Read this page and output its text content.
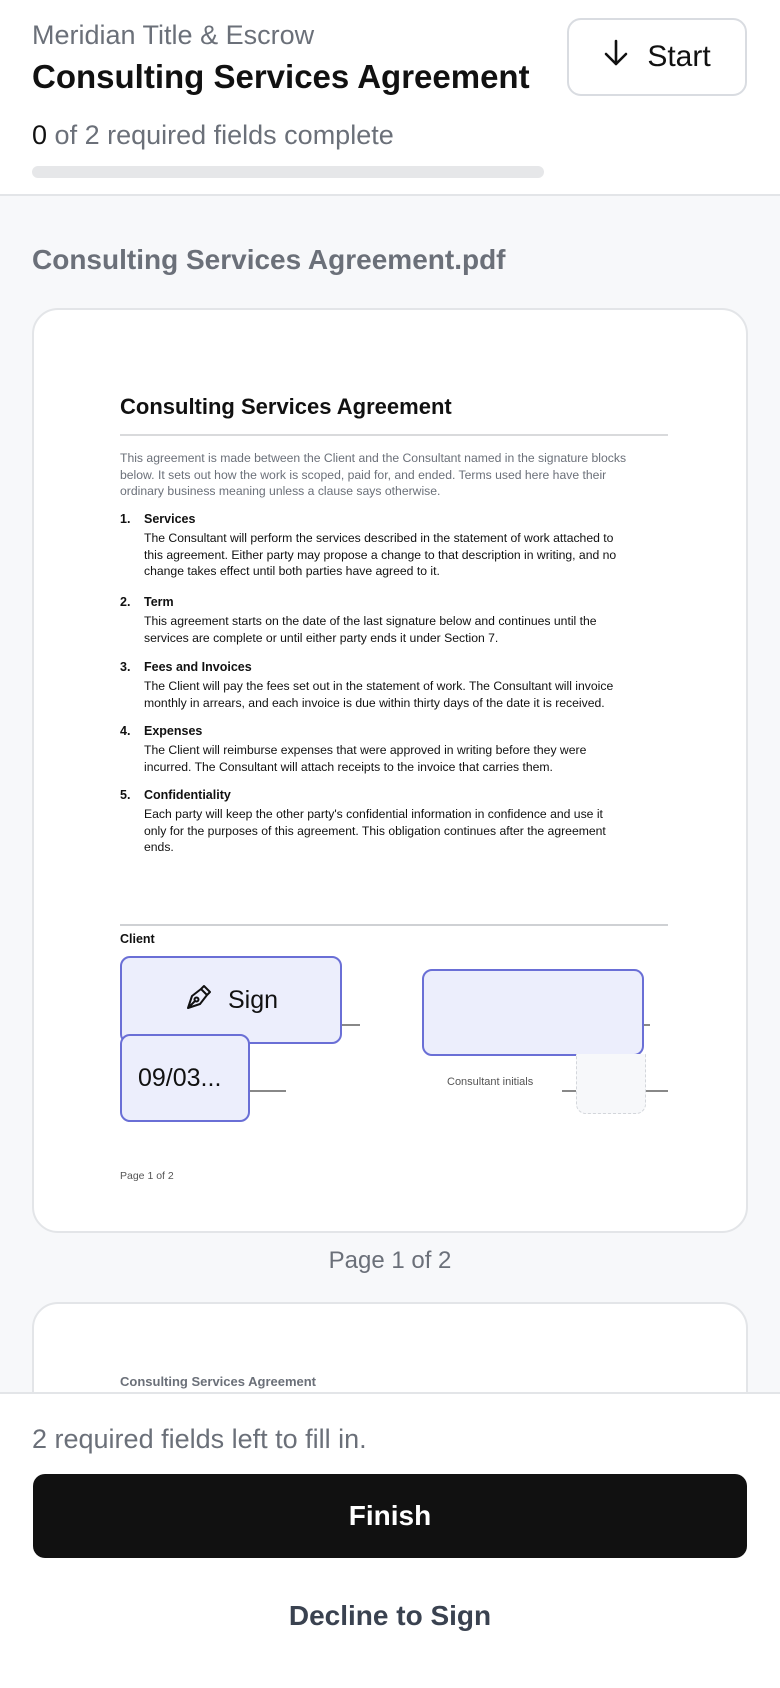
Meridian Title & Escrow
Consulting Services Agreement
Start
0 of 2 required fields complete
Consulting Services Agreement.pdf
Consulting Services Agreement
This agreement is made between the Client and the Consultant named in the signature blocks below. It sets out how the work is scoped, paid for, and ended. Terms used here have their ordinary business meaning unless a clause says otherwise.
1. Services
The Consultant will perform the services described in the statement of work attached to this agreement. Either party may propose a change to that description in writing, and no change takes effect until both parties have agreed to it.
2. Term
This agreement starts on the date of the last signature below and continues until the services are complete or until either party ends it under Section 7.
3. Fees and Invoices
The Client will pay the fees set out in the statement of work. The Consultant will invoice monthly in arrears, and each invoice is due within thirty days of the date it is received.
4. Expenses
The Client will reimburse expenses that were approved in writing before they were incurred. The Consultant will attach receipts to the invoice that carries them.
5. Confidentiality
Each party will keep the other party's confidential information in confidence and use it only for the purposes of this agreement. This obligation continues after the agreement ends.
Client
Sign
09/03...	Consultant initials
Page 1 of 2
Page 1 of 2
Consulting Services Agreement
2 required fields left to fill in.
Finish
Decline to Sign
